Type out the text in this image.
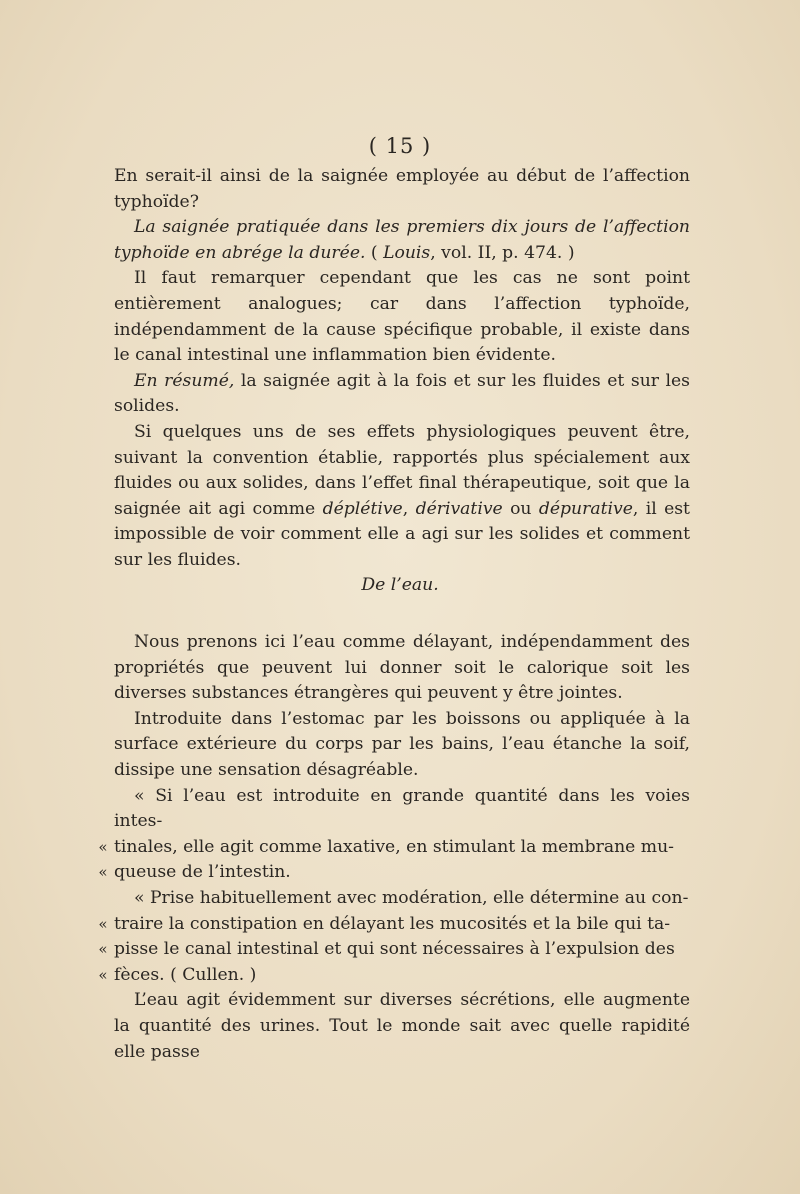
( 15 )

En serait-il ainsi de la saignée employée au début de l’affection typhoïde?

La saignée pratiquée dans les premiers dix jours de l’affection typhoïde en abrége la durée. ( Louis, vol. II, p. 474. )

Il faut remarquer cependant que les cas ne sont point entièrement analogues; car dans l’affection typhoïde, indépendamment de la cause spécifique probable, il existe dans le canal intestinal une inflammation bien évidente.

En résumé, la saignée agit à la fois et sur les fluides et sur les solides.

Si quelques uns de ses effets physiologiques peuvent être, suivant la convention établie, rapportés plus spécialement aux fluides ou aux solides, dans l’effet final thérapeutique, soit que la saignée ait agi comme déplétive, dérivative ou dépurative, il est impossible de voir comment elle a agi sur les solides et comment sur les fluides.

De l’eau.

Nous prenons ici l’eau comme délayant, indépendamment des propriétés que peuvent lui donner soit le calorique soit les diverses substances étrangères qui peuvent y être jointes.

Introduite dans l’estomac par les boissons ou appliquée à la surface extérieure du corps par les bains, l’eau étanche la soif, dissipe une sensation désagréable.

« Si l’eau est introduite en grande quantité dans les voies intes-
« tinales, elle agit comme laxative, en stimulant la membrane mu-
« queuse de l’intestin.
« Prise habituellement avec modération, elle détermine au con-
« traire la constipation en délayant les mucosités et la bile qui ta-
« pisse le canal intestinal et qui sont nécessaires à l’expulsion des
« fèces. ( Cullen. )

L’eau agit évidemment sur diverses sécrétions, elle augmente la quantité des urines. Tout le monde sait avec quelle rapidité elle passe
